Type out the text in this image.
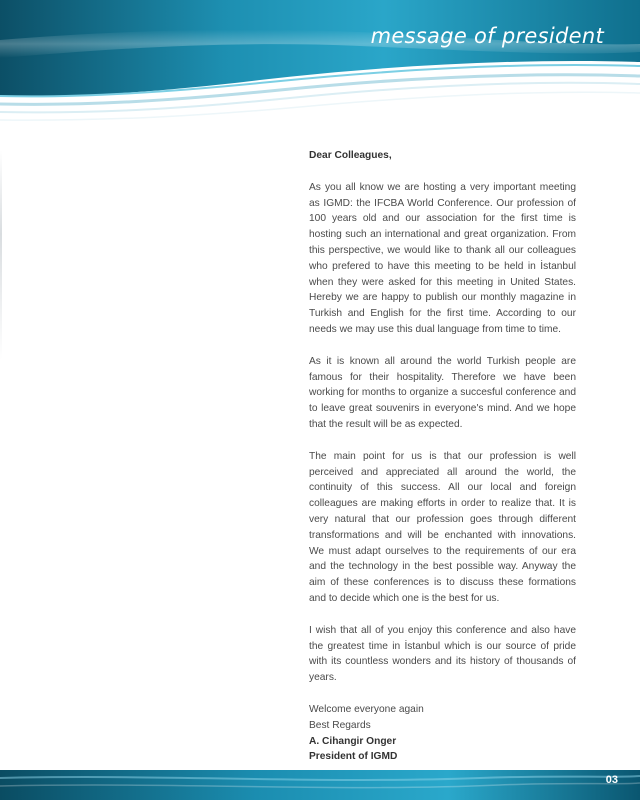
message of president

Dear Colleagues,

As you all know we are hosting a very important meeting as IGMD: the IFCBA World Conference. Our profession of 100 years old and our association for the first time is hosting such an international and great organization. From this perspective, we would like to thank all our colleagues who prefered to have this meeting to be held in İstanbul when they were asked for this meeting in United States. Hereby we are happy to publish our monthly magazine in Turkish and English for the first time. According to our needs we may use this dual language from time to time.

As it is known all around the world Turkish people are famous for their hospitality. Therefore we have been working for months to organize a succesful conference and to leave great souvenirs in everyone's mind. And we hope that the result will be as expected.

The main point for us is that our profession is well perceived and appreciated all around the world, the continuity of this success. All our local and foreign colleagues are making efforts in order to realize that. It is very natural that our profession goes through different transformations and will be enchanted with innovations. We must adapt ourselves to the requirements of our era and the technology in the best possible way. Anyway the aim of these conferences is to discuss these formations and to decide which one is the best for us.

I wish that all of you enjoy this conference and also have the greatest time in İstanbul which is our source of pride with its countless wonders and its history of thousands of years.

Welcome everyone again

Best Regards

A. Cihangir Onger

President of IGMD

03
